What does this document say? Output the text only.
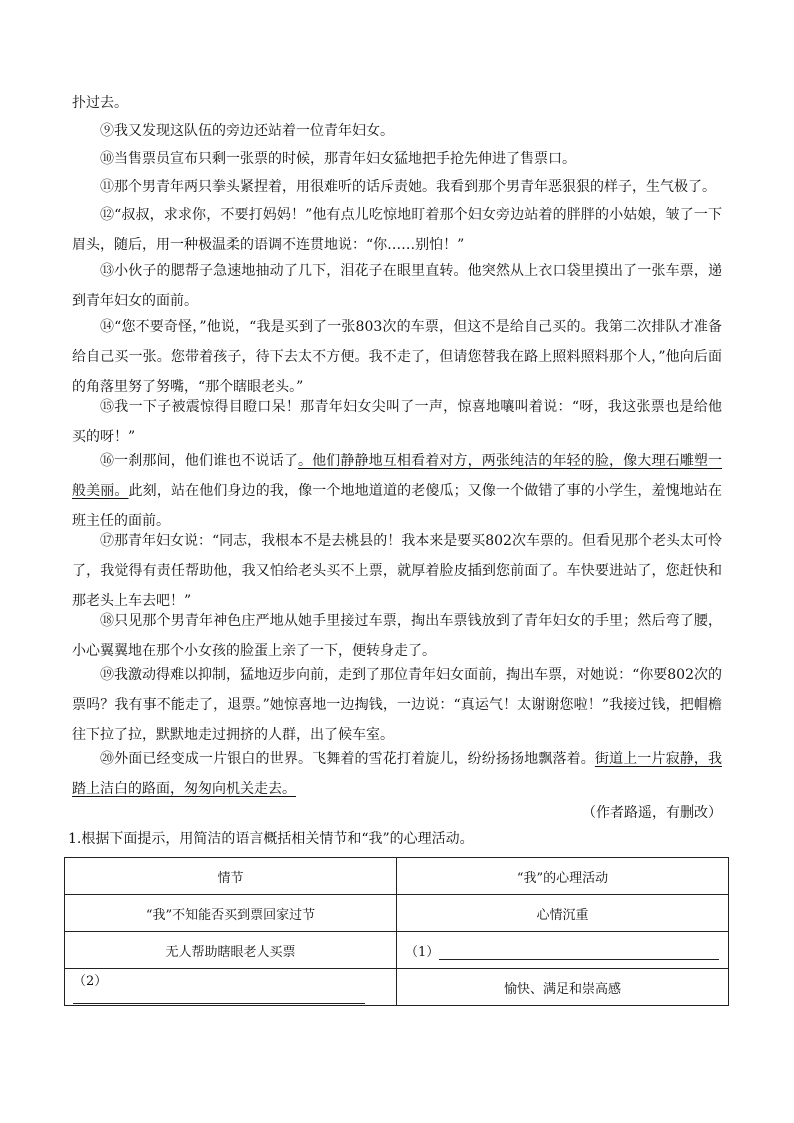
扑过去。

⑨我又发现这队伍的旁边还站着一位青年妇女。

⑩当售票员宣布只剩一张票的时候，那青年妇女猛地把手抢先伸进了售票口。

⑪那个男青年两只拳头紧捏着，用很难听的话斥责她。我看到那个男青年恶狠狠的样子，生气极了。

⑫“叔叔，求求你，不要打妈妈！”他有点儿吃惊地盯着那个妇女旁边站着的胖胖的小姑娘，皱了一下眉头，随后，用一种极温柔的语调不连贯地说：“你……别怕！”

⑬小伙子的腮帮子急速地抽动了几下，泪花子在眼里直转。他突然从上衣口袋里摸出了一张车票，递到青年妇女的面前。

⑭“您不要奇怪，”他说，“我是买到了一张803次的车票，但这不是给自己买的。我第二次排队才准备给自己买一张。您带着孩子，待下去太不方便。我不走了，但请您替我在路上照料照料那个人，”他向后面的角落里努了努嘴，“那个瞎眼老头。”

⑮我一下子被震惊得目瞪口呆！那青年妇女尖叫了一声，惊喜地嚷叫着说：“呀，我这张票也是给他买的呀！”

⑯一刹那间，他们谁也不说话了。他们静静地互相看着对方，两张纯洁的年轻的脸，像大理石雕塑一般美丽。此刻，站在他们身边的我，像一个地地道道的老傻瓜；又像一个做错了事的小学生，羞愧地站在班主任的面前。

⑰那青年妇女说：“同志，我根本不是去桃县的！我本来是要买802次车票的。但看见那个老头太可怜了，我觉得有责任帮助他，我又怕给老头买不上票，就厚着脸皮插到您前面了。车快要进站了，您赶快和那老头上车去吧！”

⑱只见那个男青年神色庄严地从她手里接过车票，掏出车票钱放到了青年妇女的手里；然后弯了腰，小心翼翼地在那个小女孩的脸蛋上亲了一下，便转身走了。

⑲我激动得难以抑制，猛地迈步向前，走到了那位青年妇女面前，掏出车票，对她说：“你要802次的票吗？我有事不能走了，退票。”她惊喜地一边掏钱，一边说：“真运气！太谢谢您啦！”我接过钱，把帽檐往下拉了拉，默默地走过拥挤的人群，出了候车室。

⑳外面已经变成一片银白的世界。飞舞着的雪花打着旋儿，纷纷扬扬地飘落着。街道上一片寂静，我踏上洁白的路面，匆匆向机关走去。

（作者路遥，有删改）
1.根据下面提示，用简洁的语言概括相关情节和“我”的心理活动。
情节	“我”的心理活动
“我”不知能否买到票回家过节	心情沉重
无人帮助瞎眼老人买票	（1）
（2）	愉快、满足和崇高感
